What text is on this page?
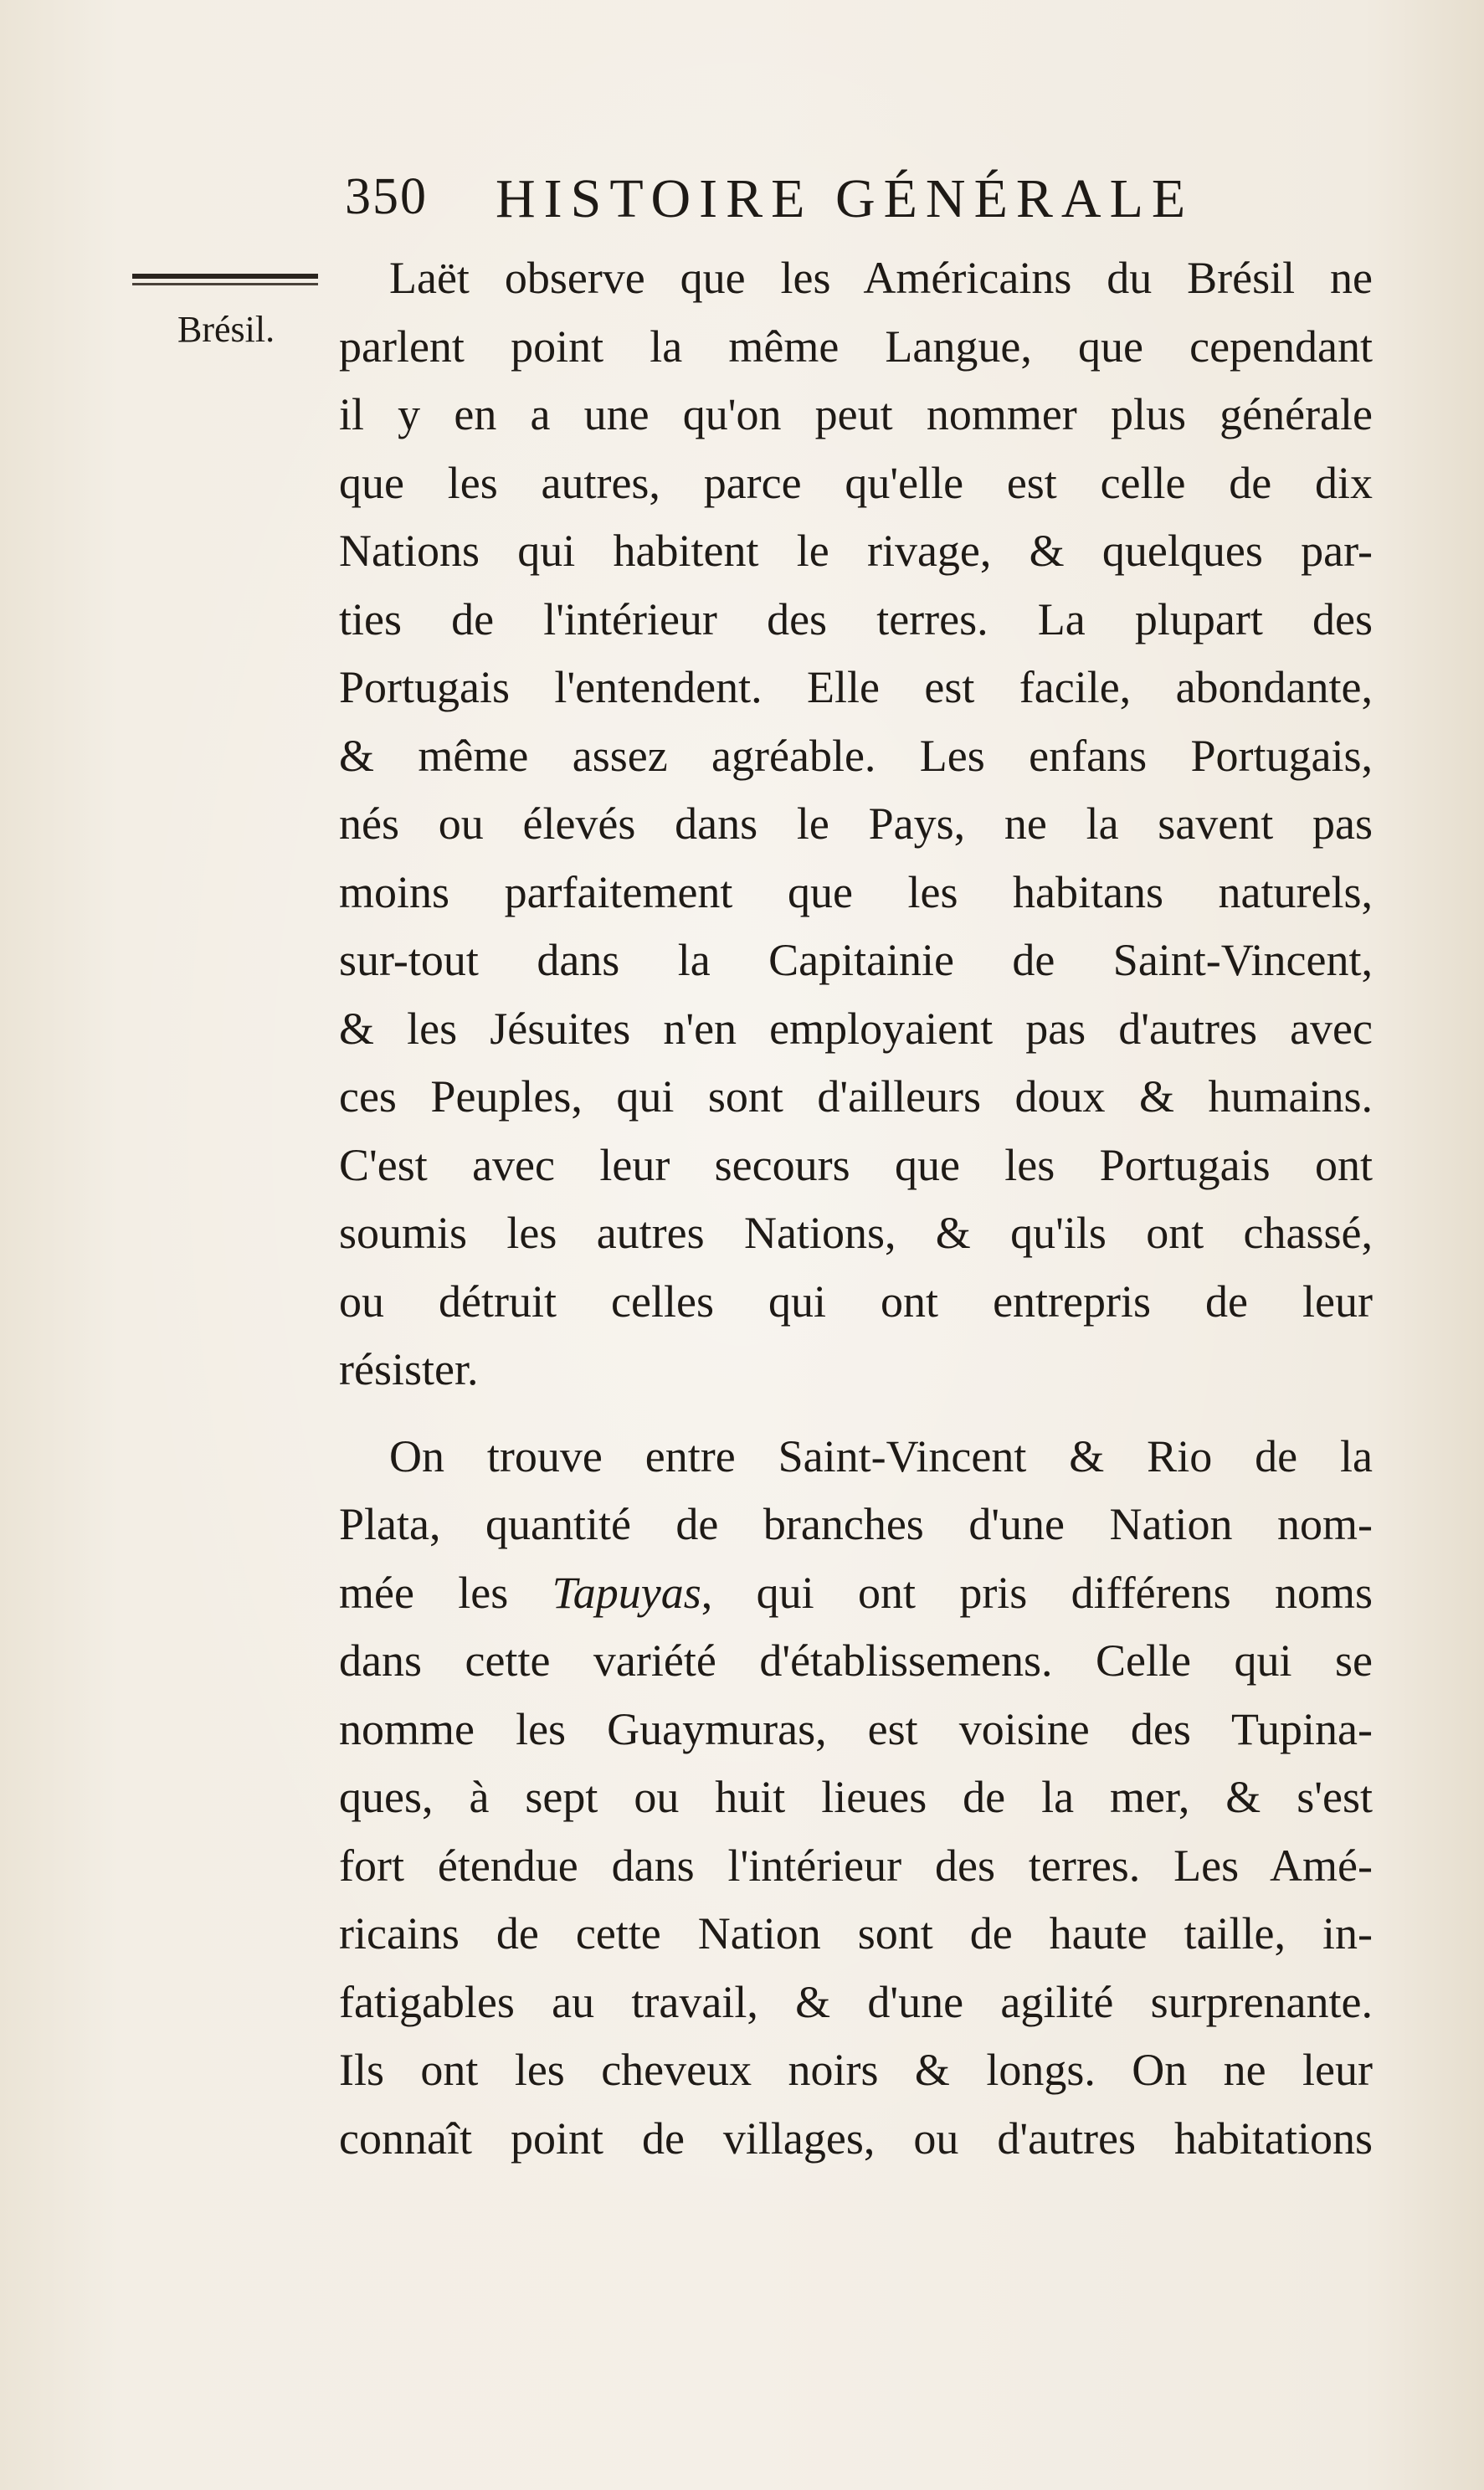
350 HISTOIRE GÉNÉRALE
Brésil.
Laët observe que les Américains du Brésil ne
parlent point la même Langue, que cependant
il y en a une qu'on peut nommer plus générale
que les autres, parce qu'elle est celle de dix
Nations qui habitent le rivage, & quelques par-
ties de l'intérieur des terres. La plupart des
Portugais l'entendent. Elle est facile, abondante,
& même assez agréable. Les enfans Portugais,
nés ou élevés dans le Pays, ne la savent pas
moins parfaitement que les habitans naturels,
sur-tout dans la Capitainie de Saint-Vincent,
& les Jésuites n'en employaient pas d'autres avec
ces Peuples, qui sont d'ailleurs doux & humains.
C'est avec leur secours que les Portugais ont
soumis les autres Nations, & qu'ils ont chassé,
ou détruit celles qui ont entrepris de leur
résister.
On trouve entre Saint-Vincent & Rio de la
Plata, quantité de branches d'une Nation nom-
mée les Tapuyas, qui ont pris différens noms
dans cette variété d'établissemens. Celle qui se
nomme les Guaymuras, est voisine des Tupina-
ques, à sept ou huit lieues de la mer, & s'est
fort étendue dans l'intérieur des terres. Les Amé-
ricains de cette Nation sont de haute taille, in-
fatigables au travail, & d'une agilité surprenante.
Ils ont les cheveux noirs & longs. On ne leur
connaît point de villages, ou d'autres habitations
